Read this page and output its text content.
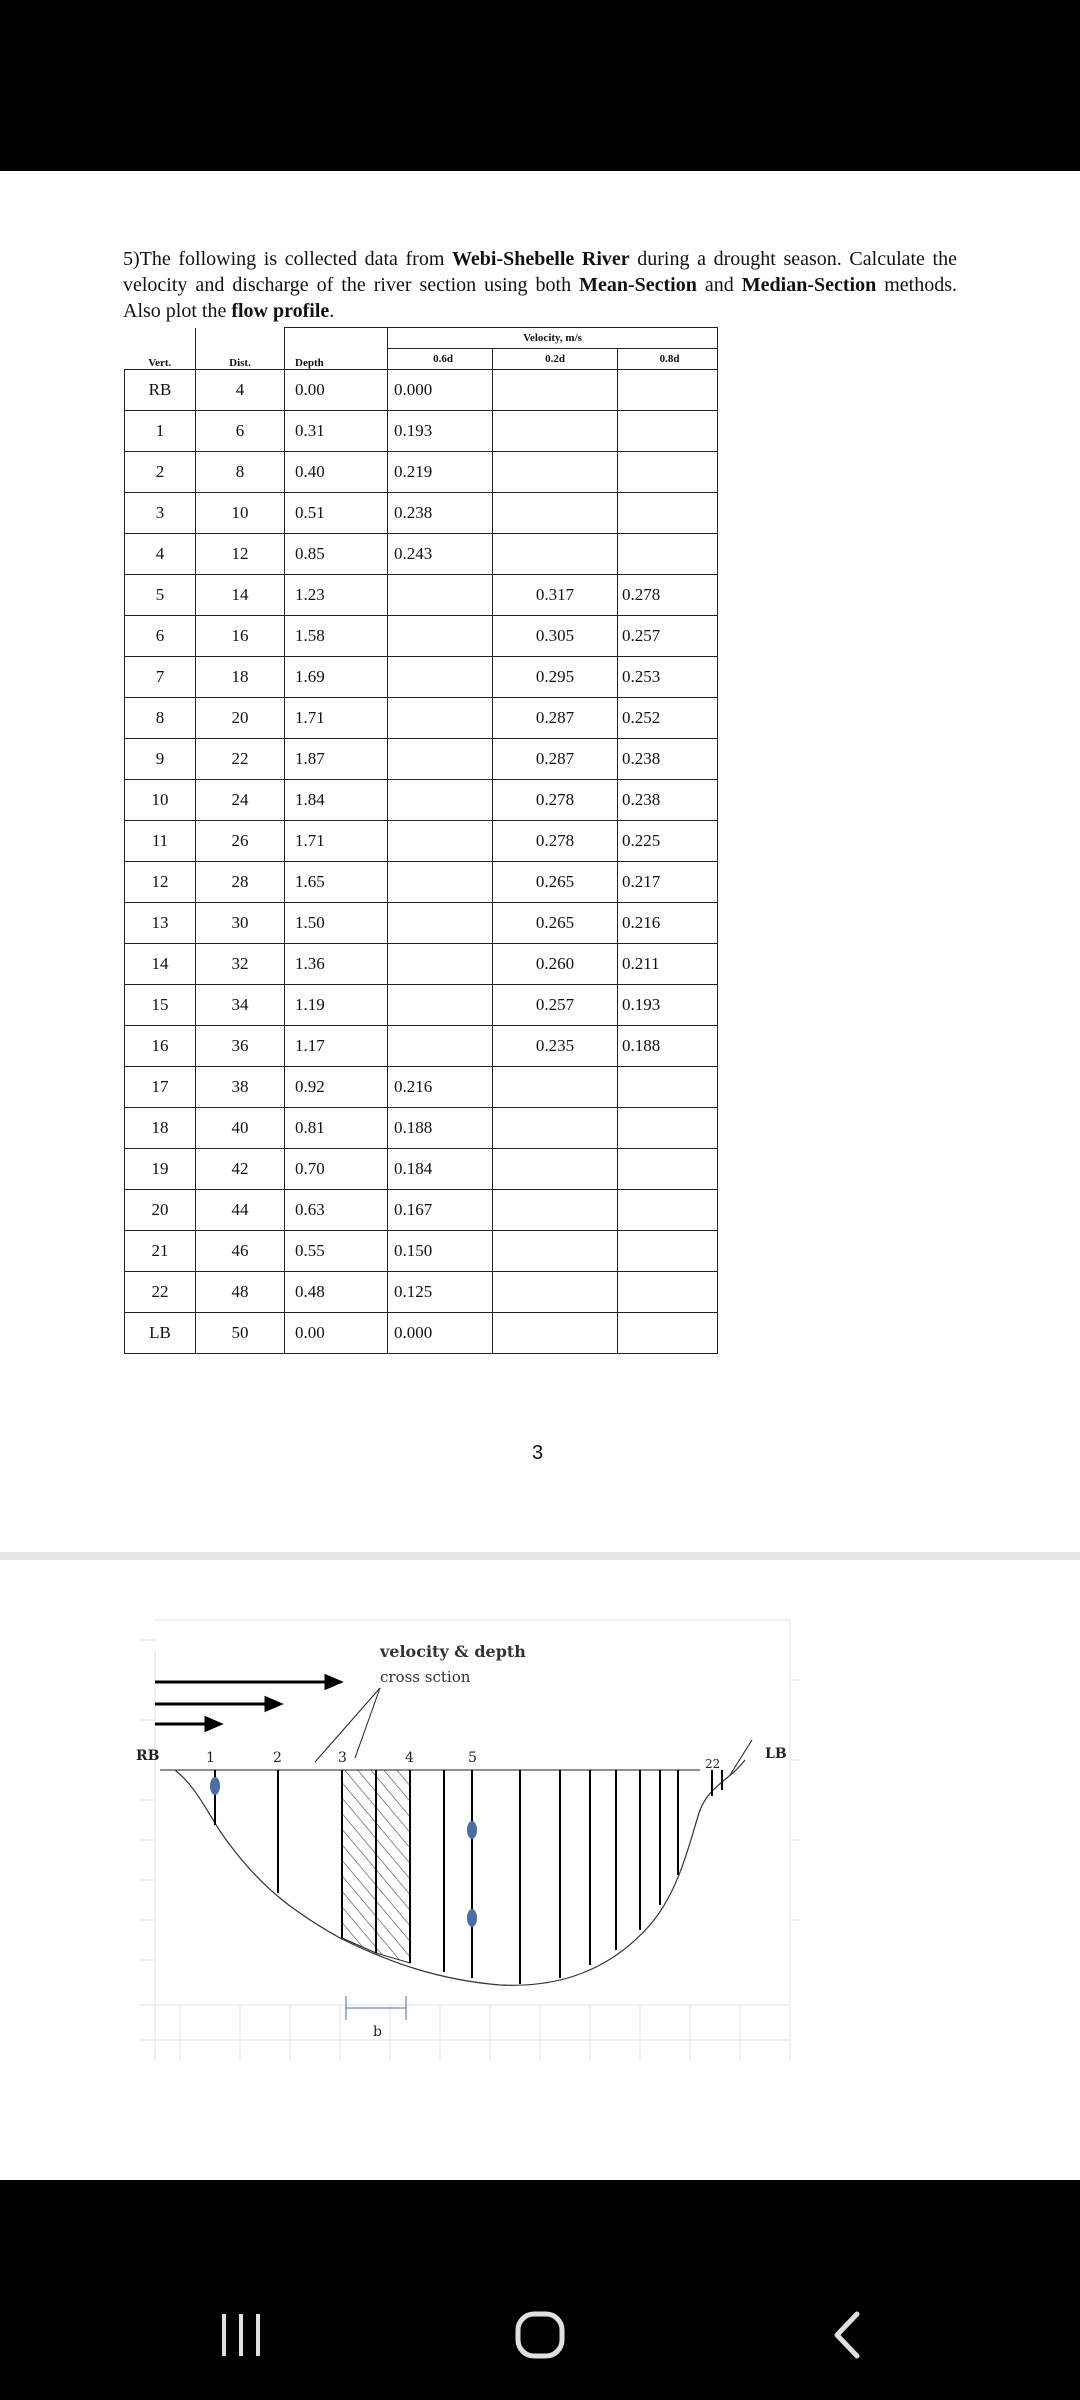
5)The following is collected data from Webi-Shebelle River during a drought season. Calculate the velocity and discharge of the river section using both Mean-Section and Median-Section methods. Also plot the flow profile.
Vert.	Dist.	Depth	Velocity, m/s		
			0.6d	0.2d	0.8d
RB	4	0.00	0.000		
1	6	0.31	0.193		
2	8	0.40	0.219		
3	10	0.51	0.238		
4	12	0.85	0.243		
5	14	1.23		0.317	0.278
6	16	1.58		0.305	0.257
7	18	1.69		0.295	0.253
8	20	1.71		0.287	0.252
9	22	1.87		0.287	0.238
10	24	1.84		0.278	0.238
11	26	1.71		0.278	0.225
12	28	1.65		0.265	0.217
13	30	1.50		0.265	0.216
14	32	1.36		0.260	0.211
15	34	1.19		0.257	0.193
16	36	1.17		0.235	0.188
17	38	0.92	0.216		
18	40	0.81	0.188		
19	42	0.70	0.184		
20	44	0.63	0.167		
21	46	0.55	0.150		
22	48	0.48	0.125		
LB	50	0.00	0.000		
3
velocity & depth
cross sction
RB	1	2	3	4	5	22
LB
b
